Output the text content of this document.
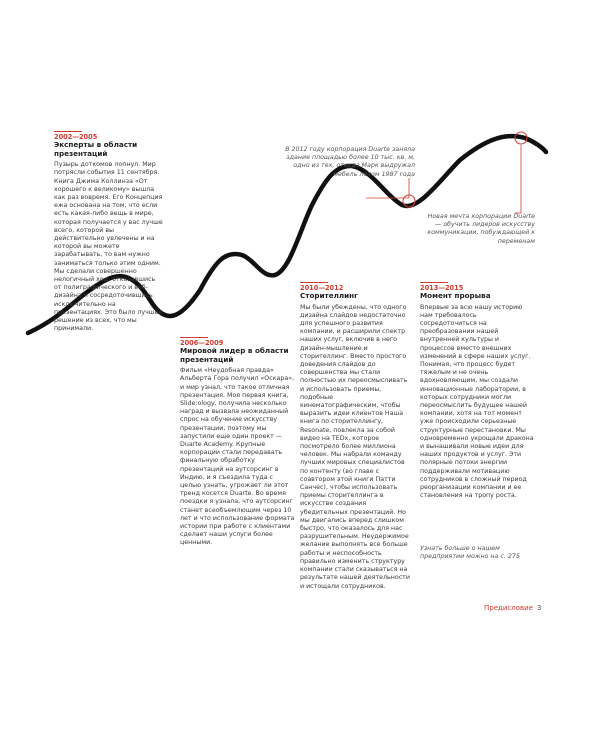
2002—2005
Эксперты в области презентаций
Пузырь доткомов лопнул. Мир потрясли события 11 сентября. Книга Джима Коллинза «От хорошего к великому» вышла как раз вовремя. Его Концепция ежа основана на том, что если есть какая-либо вещь в мире, которая получается у вас лучше всего, которой вы действительно увлечены и на которой вы можете зарабатывать, то вам нужно заниматься только этим одним. Мы сделали совершенно нелогичный ход, отказавшись от полиграфического и веб-дизайна и сосредоточившись исключительно на презентациях. Это было лучшее решение из всех, что мы принимали.
2006—2009
Мировой лидер в области презентаций
Фильм «Неудобная правда» Альберта Гора получил «Оскара», и мир узнал, что такое отличная презентация. Моя первая книга, Slide:ology, получила несколько наград и вызвала неожиданный спрос на обучение искусству презентации, поэтому мы запустили еще один проект — Duarte Academy. Крупные корпорации стали передавать финальную обработку презентаций на аутсорсинг в Индию, и я съездила туда с целью узнать, угрожает ли этот тренд косется Duarte. Во время поездки я узнала, что аутсорсинг станет всеобъемлющим через 10 лет и что использование формата истории при работе с клиентами сделает наши услуги более ценными.
2010—2012
Сторителлинг
Мы были убеждены, что одного дизайна слайдов недостаточно для успешного развития компании, и расширили спектр наших услуг, включив в него дизайн-мышление и сторителлинг. Вместо простого доведения слайдов до совершенства мы стали полностью их переосмысливать и использовать приемы, подобные кинематографическим, чтобы выразить идеи клиентов Наша книга по сторителлингу, Resonate, повлекла за собой видео на TEDx, которое посмотрело более миллиона человек. Мы набрали команду лучших мировых специалистов по контенту (во главе с соавтором этой книги Патти Санчес), чтобы использовать приемы сторителлинга в искусстве создания убедительных презентаций. Но мы двигались вперед слишком быстро, что оказалось для нас разрушительным. Неудержимое желание выполнять все больше работы и неспособность правильно изменить структуру компании стали сказываться на результате нашей деятельности и истощали сотрудников.
2013—2015
Момент прорыва
Впервые за всю нашу историю нам требовалось сосредоточиться на преобразовании нашей внутренней культуры и процессов вместо внешних изменений в сфере наших услуг. Понимая, что процесс будет тяжелым и не очень вдохновляющим, мы создали инновационные лаборатории, в которых сотрудники могли переосмыслить будущее нашей компании, хотя на тот момент уже происходили серьезные структурные перестановки. Мы одновременно укрощали дракона и вынашивали новые идеи для наших продуктов и услуг. Эти полярные потоки энергии поддерживали мотивацию сотрудников в сложный период реорганизации компании и ее становления на тропу роста.
В 2012 году корпорация Duarte заняла здание площадью более 10 тыс. кв. м, одно из тех, откуда Марк выдружал мебель летом 1987 года
Новая мечта корпорации Duarte — обучить лидеров искусству коммуникации, побуждающей к переменам
Узнать больше о нашем предприятии можно на с. 275
Предисловие 3
